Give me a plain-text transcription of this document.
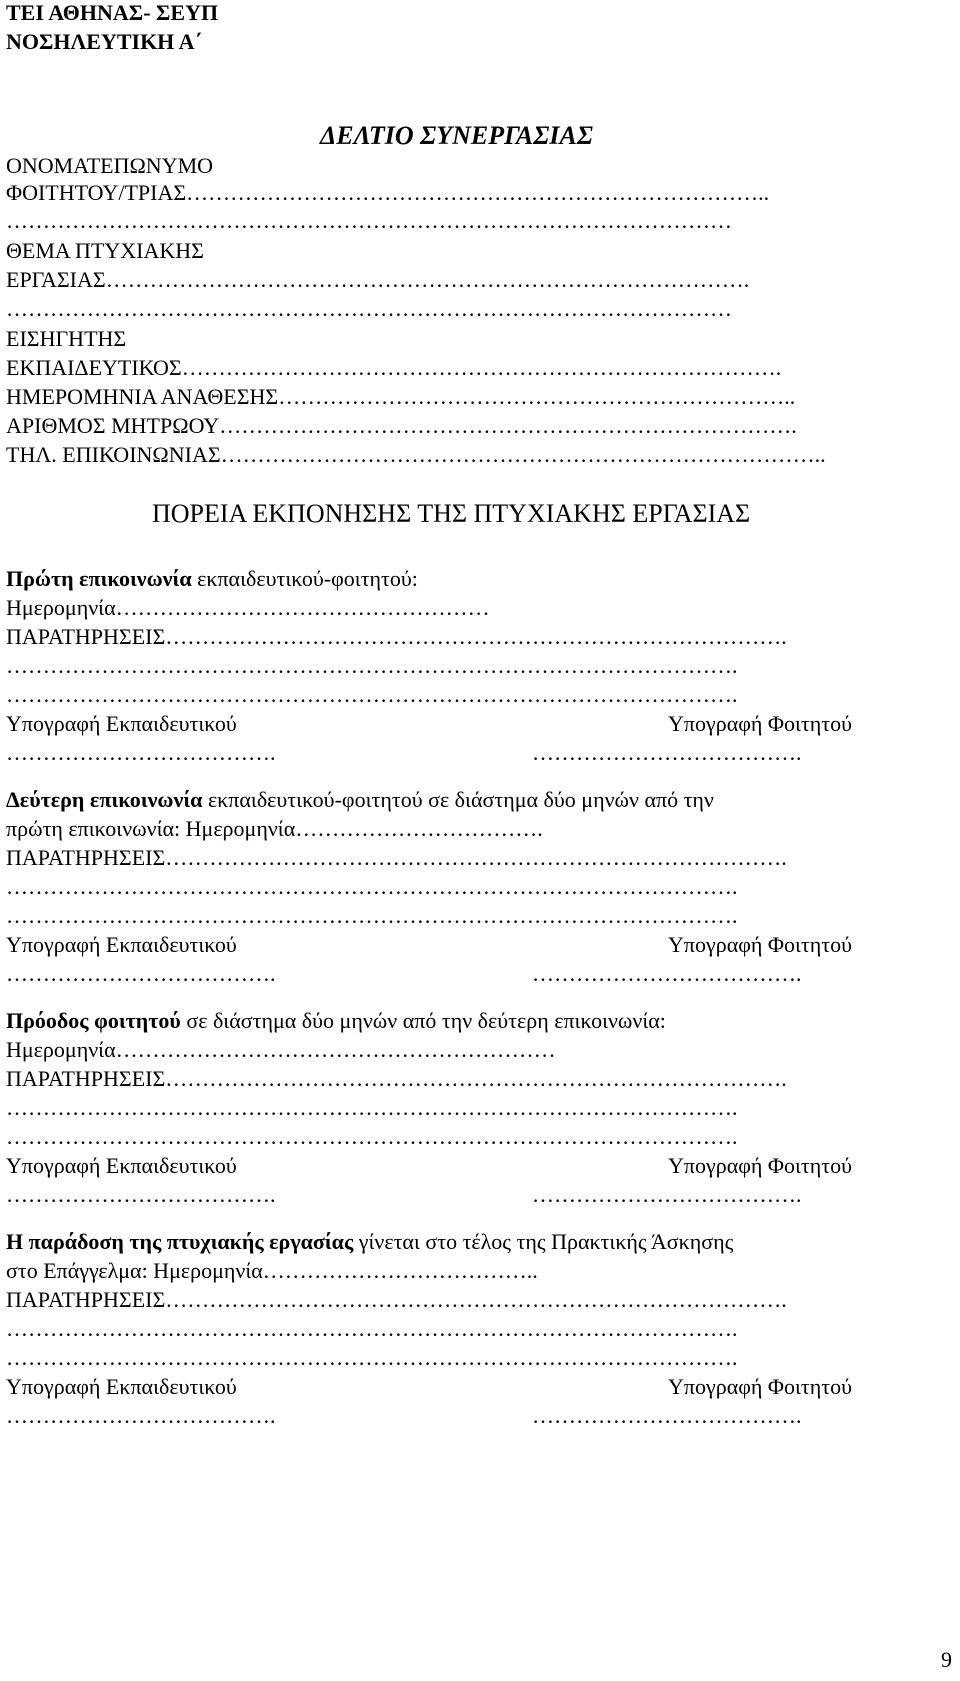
ΤΕΙ ΑΘΗΝΑΣ- ΣΕΥΠ
ΝΟΣΗΛΕΥΤΙΚΗ Α΄
ΔΕΛΤΙΟ ΣΥΝΕΡΓΑΣΙΑΣ
ΟΝΟΜΑΤΕΠΩΝΥΜΟ
ΦΟΙΤΗΤΟΥ/ΤΡΙΑΣ……………………………………………………………………..
………………………………………………………………………………………
ΘΕΜΑ ΠΤΥΧΙΑΚΗΣ
ΕΡΓΑΣΙΑΣ…………………………………………………………………………….
………………………………………………………………………………………
ΕΙΣΗΓΗΤΗΣ
ΕΚΠΑΙΔΕΥΤΙΚΟΣ……………………………………………………………………….
ΗΜΕΡΟΜΗΝΙΑ ΑΝΑΘΕΣΗΣ……………………………………………………………..
ΑΡΙΘΜΟΣ ΜΗΤΡΩΟΥ…………………………………………………………………….
ΤΗΛ. ΕΠΙΚΟΙΝΩΝΙΑΣ………………………………………………………………………..
ΠΟΡΕΙΑ ΕΚΠΟΝΗΣΗΣ ΤΗΣ ΠΤΥΧΙΑΚΗΣ ΕΡΓΑΣΙΑΣ
Πρώτη επικοινωνία εκπαιδευτικού-φοιτητού:
Ημερομηνία……………………………………………
ΠΑΡΑΤΗΡΗΣΕΙΣ………………………………………………………………………….
……………………………………………………………………………………….
……………………………………………………………………………………….
Υπογραφή Εκπαιδευτικού	Υπογραφή Φοιτητού
……………………………….	……………………………….
Δεύτερη επικοινωνία εκπαιδευτικού-φοιτητού σε διάστημα δύο μηνών από την
πρώτη επικοινωνία: Ημερομηνία…………………………….
ΠΑΡΑΤΗΡΗΣΕΙΣ………………………………………………………………………….
……………………………………………………………………………………….
……………………………………………………………………………………….
Υπογραφή Εκπαιδευτικού	Υπογραφή Φοιτητού
……………………………….	……………………………….
Πρόοδος φοιτητού σε διάστημα δύο μηνών από την δεύτερη επικοινωνία:
Ημερομηνία……………………………………………………
ΠΑΡΑΤΗΡΗΣΕΙΣ………………………………………………………………………….
……………………………………………………………………………………….
……………………………………………………………………………………….
Υπογραφή Εκπαιδευτικού	Υπογραφή Φοιτητού
……………………………….	……………………………….
Η παράδοση της πτυχιακής εργασίας γίνεται στο τέλος της Πρακτικής Άσκησης
στο Επάγγελμα: Ημερομηνία………………………………..
ΠΑΡΑΤΗΡΗΣΕΙΣ………………………………………………………………………….
……………………………………………………………………………………….
……………………………………………………………………………………….
Υπογραφή Εκπαιδευτικού	Υπογραφή Φοιτητού
……………………………….	……………………………….
9
